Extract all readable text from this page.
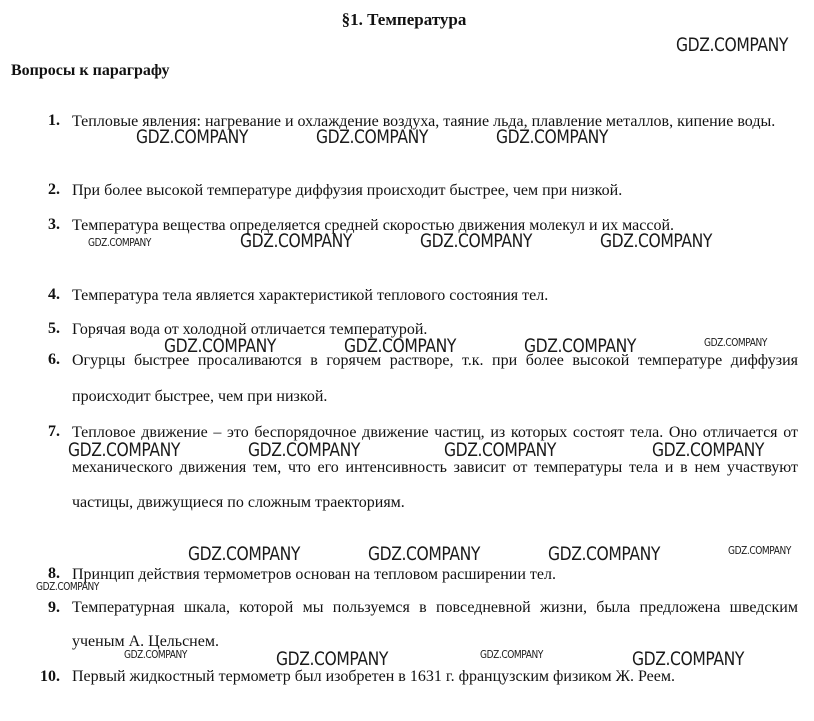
§1. Температура
Вопросы к параграфу
1. Тепловые явления: нагревание и охлаждение воздуха, таяние льда, плавление металлов, кипение воды.
2. При более высокой температуре диффузия происходит быстрее, чем при низкой.
3. Температура вещества определяется средней скоростью движения молекул и их массой.
4. Температура тела является характеристикой теплового состояния тел.
5. Горячая вода от холодной отличается температурой.
6. Огурцы быстрее просаливаются в горячем растворе, т.к. при более высокой температуре диффузия происходит быстрее, чем при низкой.
7. Тепловое движение – это беспорядочное движение частиц, из которых состоят тела. Оно отличается от механического движения тем, что его интенсивность зависит от температуры тела и в нем участвуют частицы, движущиеся по сложным траекториям.
8. Принцип действия термометров основан на тепловом расширении тел.
9. Температурная шкала, которой мы пользуемся в повседневной жизни, была предложена шведским ученым А. Цельснем.
10. Первый жидкостный термометр был изобретен в 1631 г. французским физиком Ж. Реем.
GDZ.COMPANY
GDZ.COMPANY	GDZ.COMPANY	GDZ.COMPANY
GDZ.COMPANY	GDZ.COMPANY	GDZ.COMPANY	GDZ.COMPANY
GDZ.COMPANY	GDZ.COMPANY	GDZ.COMPANY	GDZ.COMPANY
GDZ.COMPANY	GDZ.COMPANY	GDZ.COMPANY	GDZ.COMPANY
GDZ.COMPANY	GDZ.COMPANY	GDZ.COMPANY	GDZ.COMPANY
GDZ.COMPANY
GDZ.COMPANY	GDZ.COMPANY	GDZ.COMPANY	GDZ.COMPANY
